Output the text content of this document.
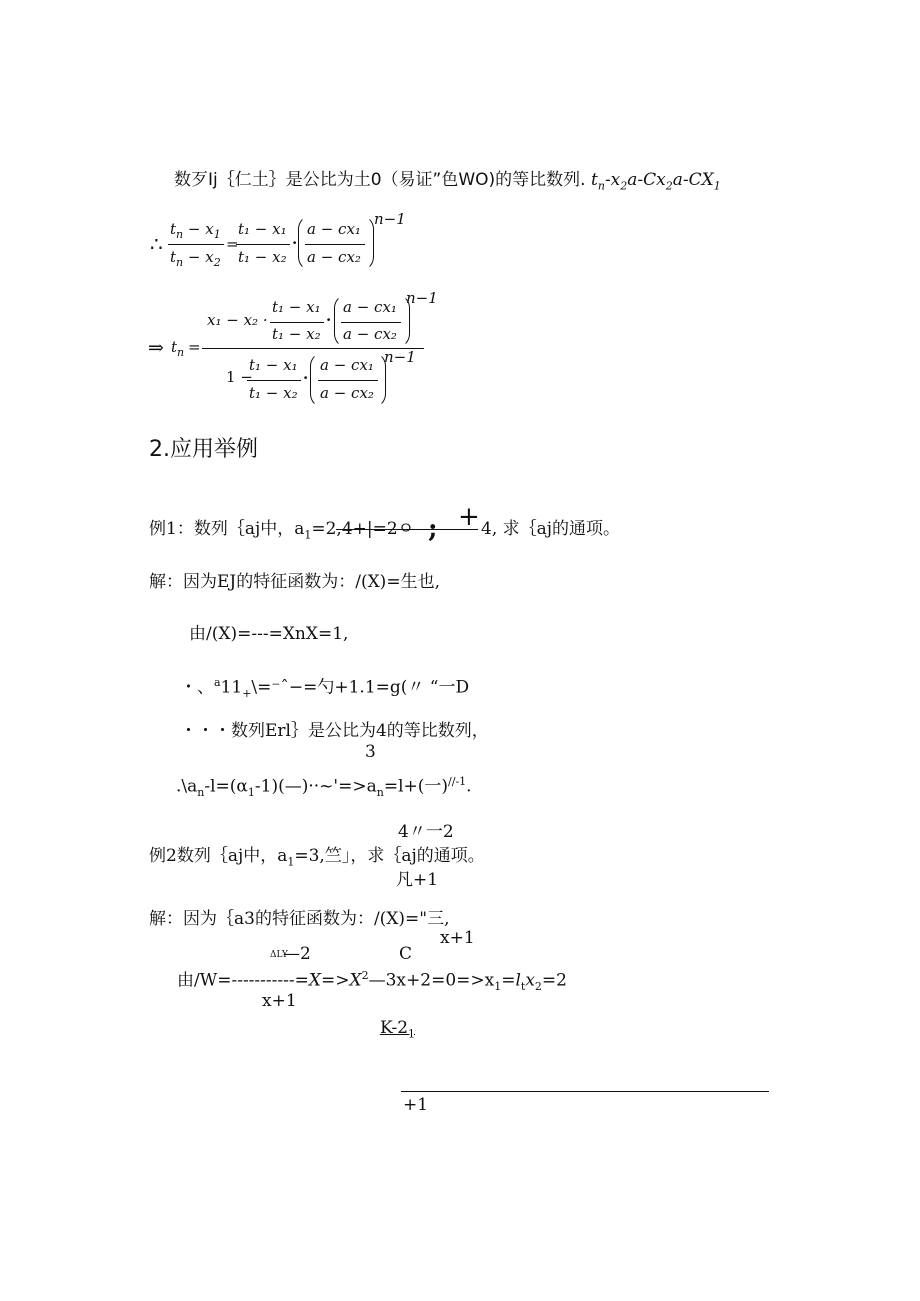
数歹Ij｛仁土｝是公比为土0（易证”色WO)的等比数列. $t_n-x_2a-Cx_2a-CX_1$
∴
$t_n - x_1$
$t_n - x_2$
=
t₁ − x₁
t₁ − x₂
·
a − cx₁
a − cx₂
n−1
⇒ $t_n$ =
x₁ − x₂ ·
t₁ − x₁
t₁ − x₂
·
a − cx₁
a − cx₂
n−1
1 −
t₁ − x₁
t₁ − x₂
·
a − cx₁
a − cx₂
n−1
2.应用举例
例1：数列｛aj中，$a_1=2,4+|=2$ㅇ ; + 4, 求｛aj的通项。
解：因为EJ的特征函数为：/(X)=生也,
由/(X)=---=XnX=1,
・、$^a11_+\backslash=^-ˆ-=$勺+1.1=g(〃 “一D
・・・数列Erl｝是公比为4的等比数列，
3
$.\backslash a_n-l=(\alpha_1-1)(—)\cdot\cdot\sim'=>a_n=l+$(一)$^{//-1}$.
4〃一2
例2数列｛aj中，$a_1=3$,竺」，求｛aj的通项。
凡+1
解：因为｛a3的特征函数为：/(X)="三,
x+1
ΔLY
—2	C
由$/W=-----------=X=>X^2—3x+2=0=>x_1=l_tx_2=2$
x+1
$K-2_1$
+1
